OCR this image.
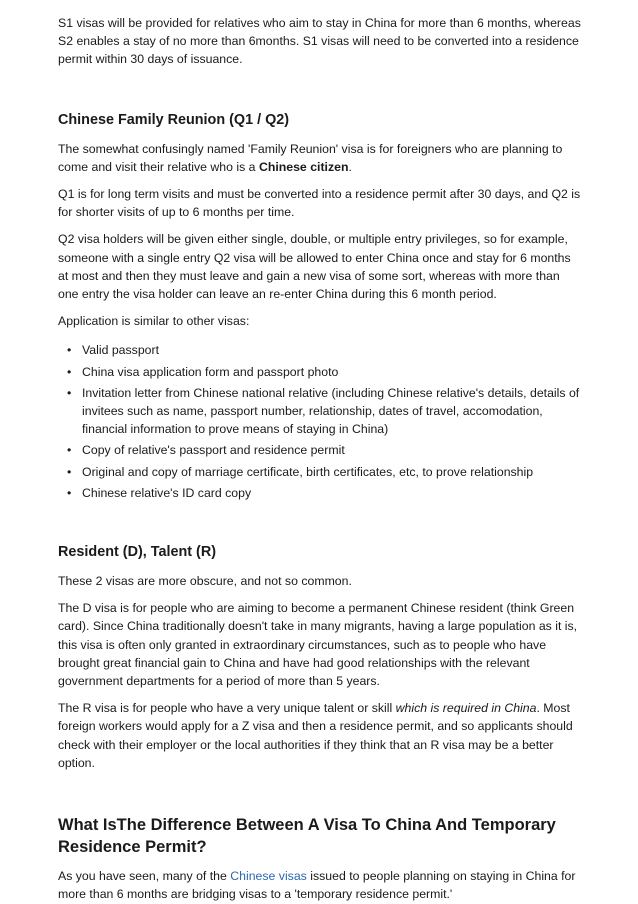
S1 visas will be provided for relatives who aim to stay in China for more than 6 months, whereas S2 enables a stay of no more than 6months. S1 visas will need to be converted into a residence permit within 30 days of issuance.

Chinese Family Reunion (Q1 / Q2)

The somewhat confusingly named 'Family Reunion' visa is for foreigners who are planning to come and visit their relative who is a Chinese citizen.

Q1 is for long term visits and must be converted into a residence permit after 30 days, and Q2 is for shorter visits of up to 6 months per time.

Q2 visa holders will be given either single, double, or multiple entry privileges, so for example, someone with a single entry Q2 visa will be allowed to enter China once and stay for 6 months at most and then they must leave and gain a new visa of some sort, whereas with more than one entry the visa holder can leave an re-enter China during this 6 month period.

Application is similar to other visas:

• Valid passport
• China visa application form and passport photo
• Invitation letter from Chinese national relative (including Chinese relative's details, details of invitees such as name, passport number, relationship, dates of travel, accomodation, financial information to prove means of staying in China)
• Copy of relative's passport and residence permit
• Original and copy of marriage certificate, birth certificates, etc, to prove relationship
• Chinese relative's ID card copy
Resident (D), Talent (R)

These 2 visas are more obscure, and not so common.

The D visa is for people who are aiming to become a permanent Chinese resident (think Green card). Since China traditionally doesn't take in many migrants, having a large population as it is, this visa is often only granted in extraordinary circumstances, such as to people who have brought great financial gain to China and have had good relationships with the relevant government departments for a period of more than 5 years.

The R visa is for people who have a very unique talent or skill which is required in China. Most foreign workers would apply for a Z visa and then a residence permit, and so applicants should check with their employer or the local authorities if they think that an R visa may be a better option.

What IsThe Difference Between A Visa To China And Temporary Residence Permit?

As you have seen, many of the Chinese visas issued to people planning on staying in China for more than 6 months are bridging visas to a 'temporary residence permit.'
